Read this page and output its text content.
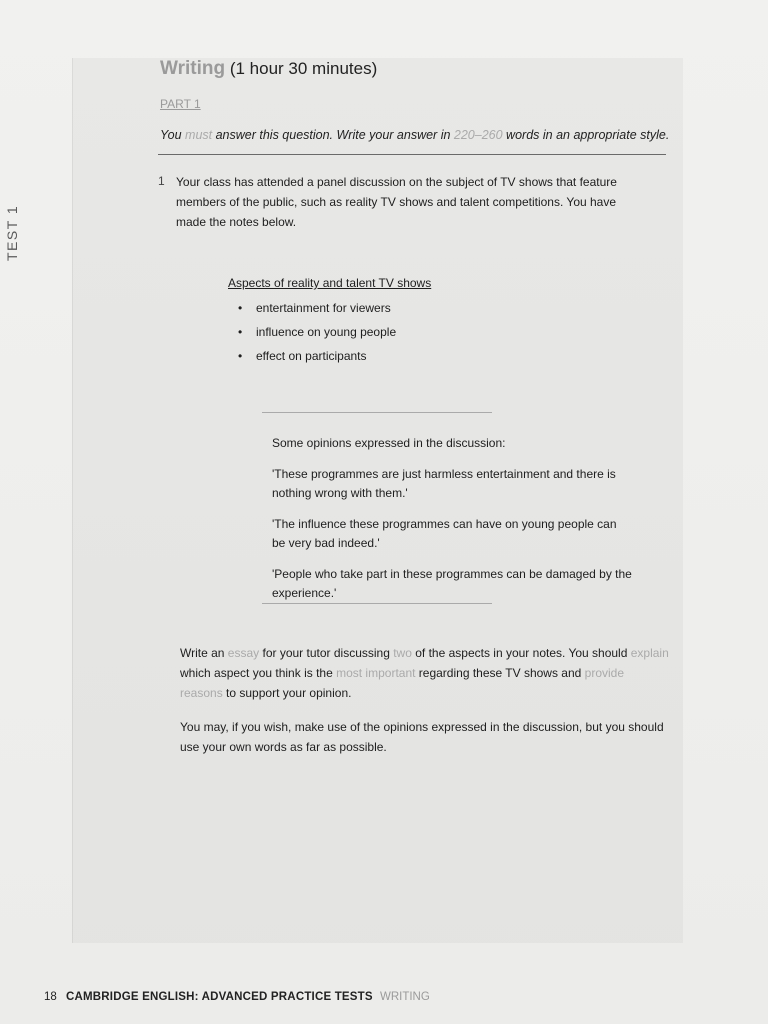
TEST 1
Writing (1 hour 30 minutes)
PART 1
You must answer this question. Write your answer in 220–260 words in an appropriate style.
1 Your class has attended a panel discussion on the subject of TV shows that feature members of the public, such as reality TV shows and talent competitions. You have made the notes below.
Aspects of reality and talent TV shows
• entertainment for viewers
• influence on young people
• effect on participants

Some opinions expressed in the discussion:

'These programmes are just harmless entertainment and there is nothing wrong with them.'

'The influence these programmes can have on young people can be very bad indeed.'

'People who take part in these programmes can be damaged by the experience.'

Write an essay for your tutor discussing two of the aspects in your notes. You should explain which aspect you think is the most important regarding these TV shows and provide reasons to support your opinion.

You may, if you wish, make use of the opinions expressed in the discussion, but you should use your own words as far as possible.

18 CAMBRIDGE ENGLISH: ADVANCED PRACTICE TESTS WRITING
